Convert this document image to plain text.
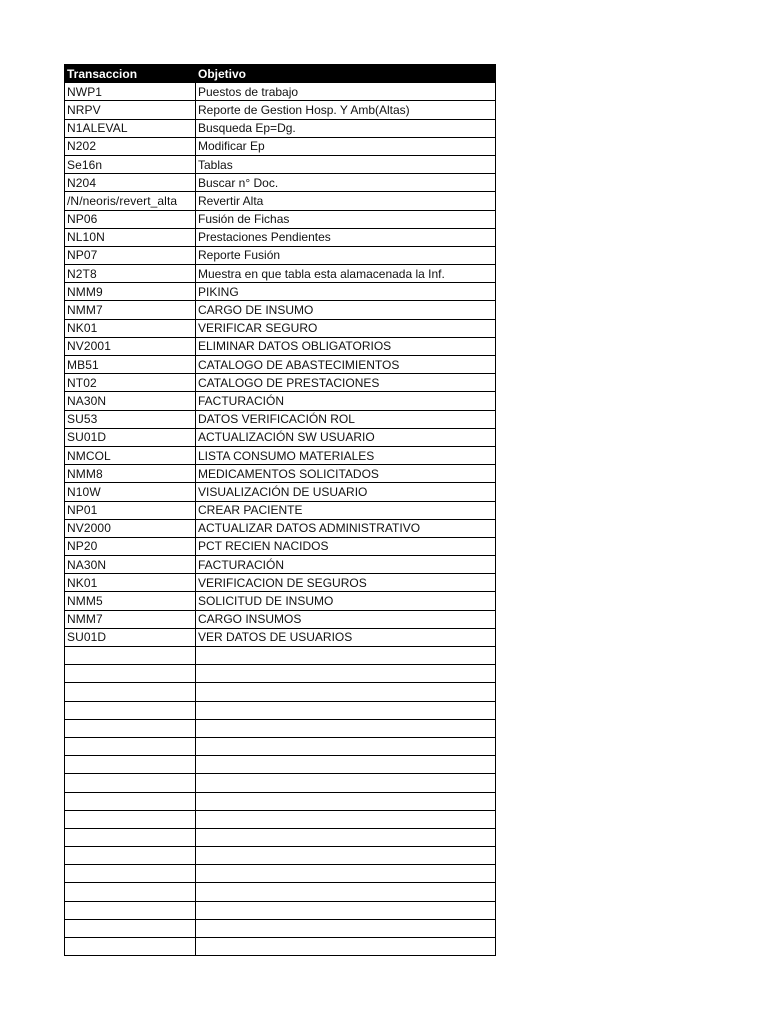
Transaccion	Objetivo
NWP1	Puestos de trabajo
NRPV	Reporte de Gestion Hosp. Y Amb(Altas)
N1ALEVAL	Busqueda Ep=Dg.
N202	Modificar Ep
Se16n	Tablas
N204	Buscar n° Doc.
/N/neoris/revert_alta	Revertir Alta
NP06	Fusión de Fichas
NL10N	Prestaciones Pendientes
NP07	Reporte Fusión
N2T8	Muestra en que tabla esta alamacenada la Inf.
NMM9	PIKING
NMM7	CARGO DE INSUMO
NK01	VERIFICAR SEGURO
NV2001	ELIMINAR DATOS OBLIGATORIOS
MB51	CATALOGO DE ABASTECIMIENTOS
NT02	CATALOGO DE PRESTACIONES
NA30N	FACTURACIÓN
SU53	DATOS VERIFICACIÓN ROL
SU01D	ACTUALIZACIÓN SW USUARIO
NMCOL	LISTA CONSUMO MATERIALES
NMM8	MEDICAMENTOS SOLICITADOS
N10W	VISUALIZACIÓN DE USUARIO
NP01	CREAR PACIENTE
NV2000	ACTUALIZAR DATOS ADMINISTRATIVO
NP20	PCT RECIEN NACIDOS
NA30N	FACTURACIÓN
NK01	VERIFICACION DE SEGUROS
NMM5	SOLICITUD DE INSUMO
NMM7	CARGO INSUMOS
SU01D	VER DATOS DE USUARIOS
